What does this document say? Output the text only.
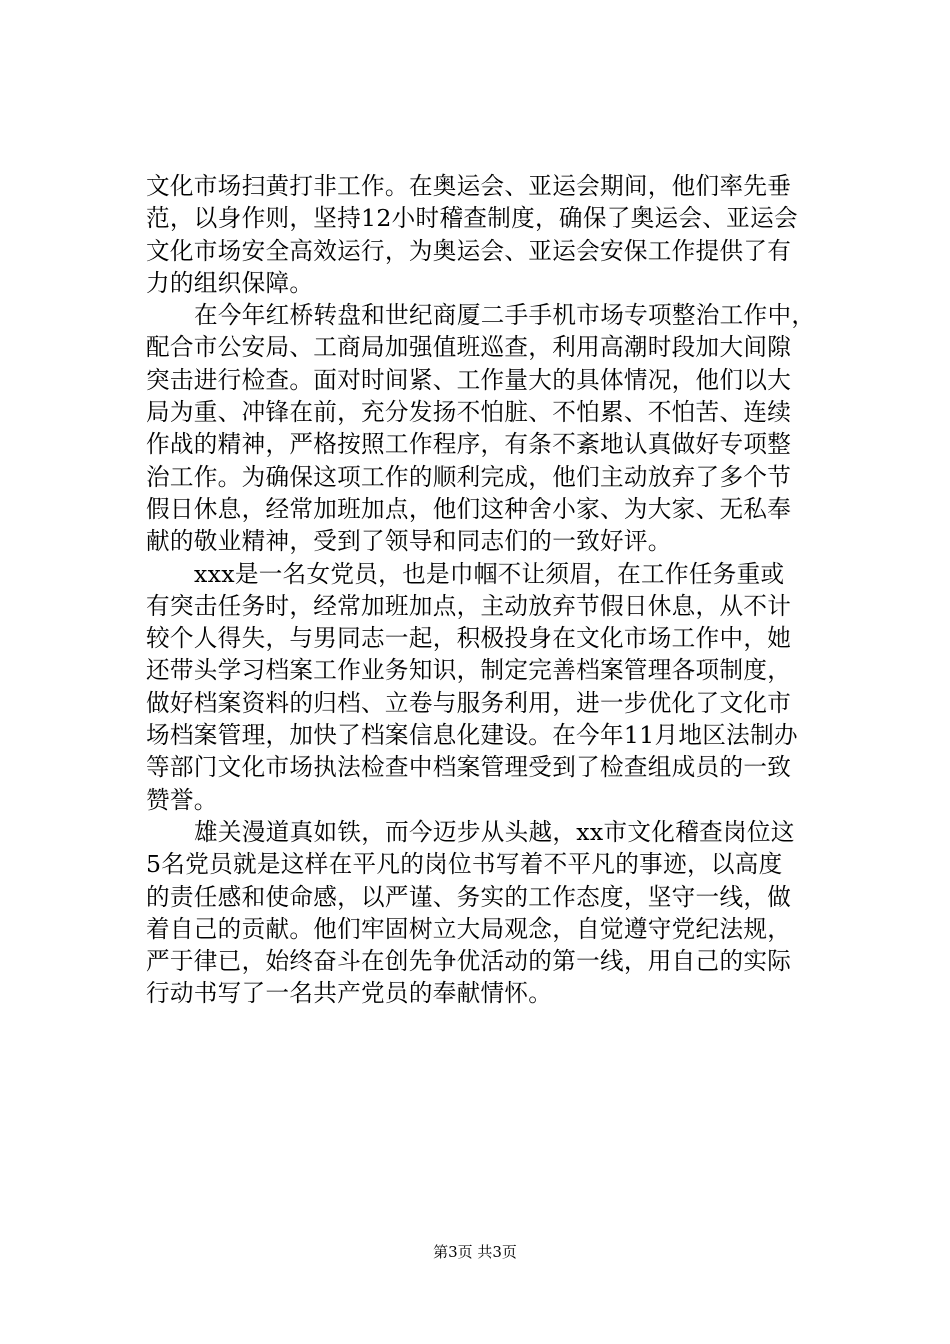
文化市场扫黄打非工作。在奥运会、亚运会期间，他们率先垂
范，以身作则，坚持12小时稽查制度，确保了奥运会、亚运会
文化市场安全高效运行，为奥运会、亚运会安保工作提供了有
力的组织保障。
在今年红桥转盘和世纪商厦二手手机市场专项整治工作中，
配合市公安局、工商局加强值班巡查，利用高潮时段加大间隙
突击进行检查。面对时间紧、工作量大的具体情况，他们以大
局为重、冲锋在前，充分发扬不怕脏、不怕累、不怕苦、连续
作战的精神，严格按照工作程序，有条不紊地认真做好专项整
治工作。为确保这项工作的顺利完成，他们主动放弃了多个节
假日休息，经常加班加点，他们这种舍小家、为大家、无私奉
献的敬业精神，受到了领导和同志们的一致好评。
xxx是一名女党员，也是巾帼不让须眉，在工作任务重或
有突击任务时，经常加班加点，主动放弃节假日休息，从不计
较个人得失，与男同志一起，积极投身在文化市场工作中，她
还带头学习档案工作业务知识，制定完善档案管理各项制度，
做好档案资料的归档、立卷与服务利用，进一步优化了文化市
场档案管理，加快了档案信息化建设。在今年11月地区法制办
等部门文化市场执法检查中档案管理受到了检查组成员的一致
赞誉。
雄关漫道真如铁，而今迈步从头越，xx市文化稽查岗位这
5名党员就是这样在平凡的岗位书写着不平凡的事迹，以高度
的责任感和使命感，以严谨、务实的工作态度，坚守一线，做
着自己的贡献。他们牢固树立大局观念，自觉遵守党纪法规，
严于律已，始终奋斗在创先争优活动的第一线，用自己的实际
行动书写了一名共产党员的奉献情怀。
第3页 共3页
